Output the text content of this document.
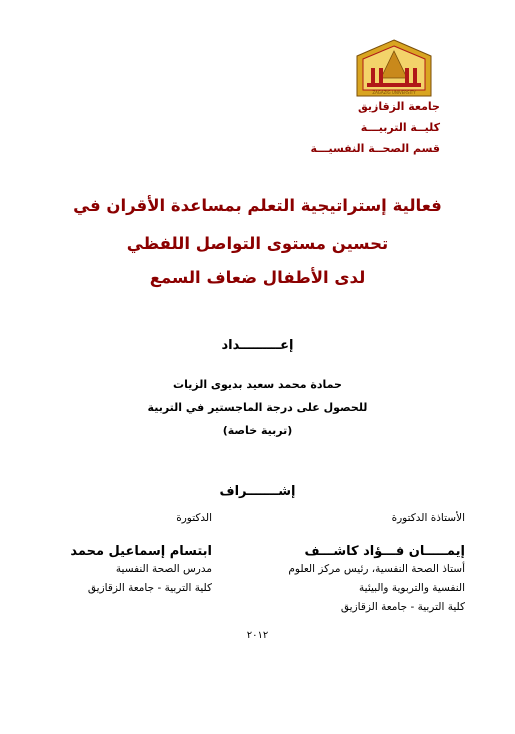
ZAGAZIG UNIVERSITY
جامعة الزقازيق
كليــة التربيـــة
قسم الصحــة النفسيـــة
فعالية إستراتيجية التعلم بمساعدة الأقران في
تحسين مستوى التواصل اللفظي
لدى الأطفال ضعاف السمع
إعـــــــــداد
حمادة محمد سعيد بديوى الزيات
للحصول على درجة الماجستير في التربية
(تربية خاصة)
إشـــــــراف
الأستاذة الدكتورة
إيمـــــان فـــؤاد كاشـــف
أستاذ الصحة النفسية، رئيس مركز العلوم
النفسية والتربوية والبيئية
كلية التربية - جامعة الزقازيق
الدكتورة
ابتسام إسماعيل محمد
مدرس الصحة النفسية
كلية التربية - جامعة الزقازيق
٢٠١٢
